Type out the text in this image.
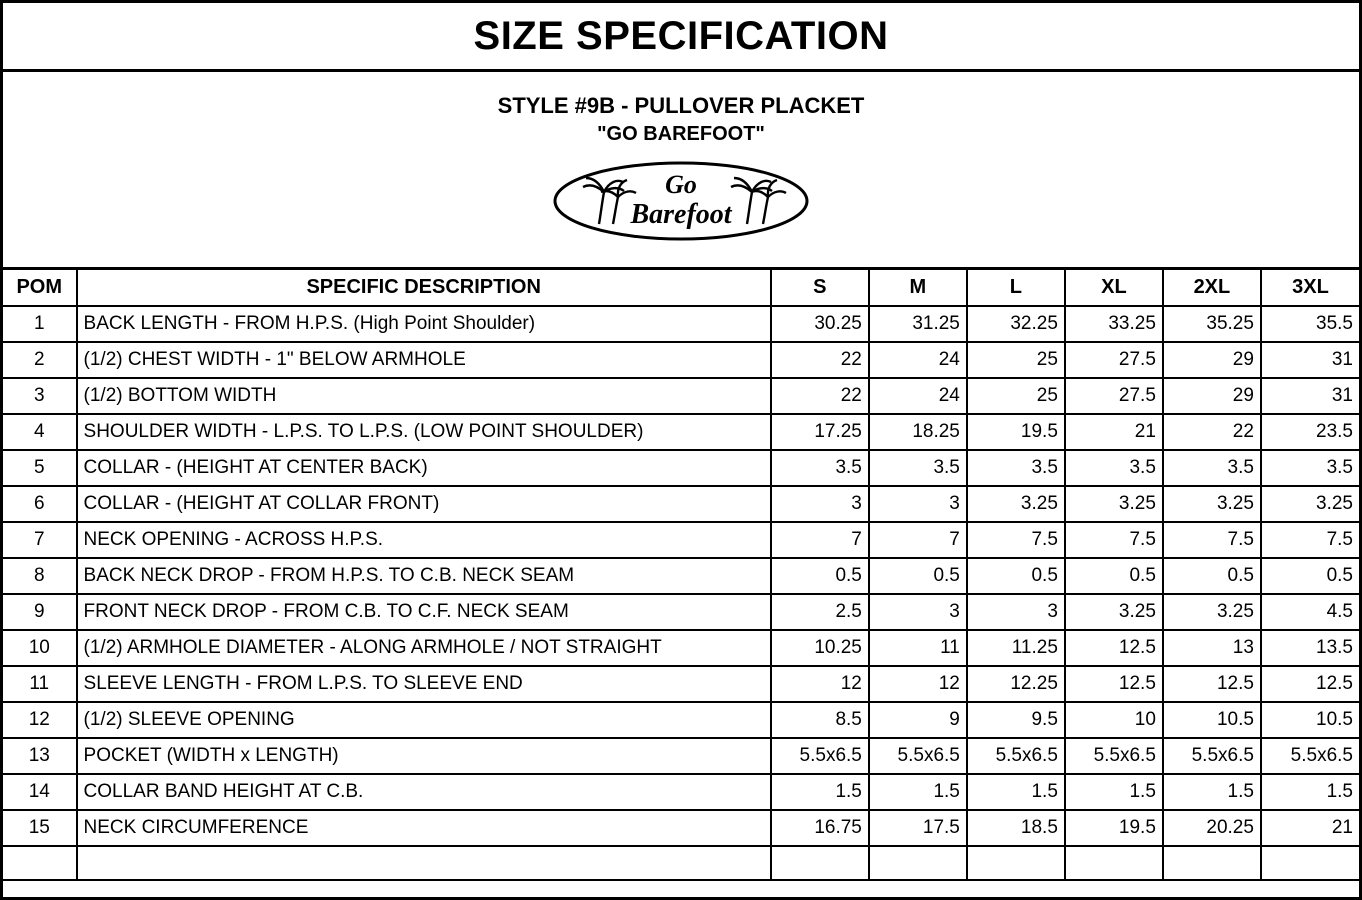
SIZE SPECIFICATION
STYLE #9B - PULLOVER PLACKET
"GO BAREFOOT"
Go
Barefoot
POM	SPECIFIC DESCRIPTION	S	M	L	XL	2XL	3XL
1	BACK LENGTH - FROM H.P.S. (High Point Shoulder)	30.25	31.25	32.25	33.25	35.25	35.5
2	(1/2) CHEST WIDTH - 1" BELOW ARMHOLE	22	24	25	27.5	29	31
3	(1/2) BOTTOM WIDTH	22	24	25	27.5	29	31
4	SHOULDER WIDTH - L.P.S. TO L.P.S. (LOW POINT SHOULDER)	17.25	18.25	19.5	21	22	23.5
5	COLLAR - (HEIGHT AT CENTER BACK)	3.5	3.5	3.5	3.5	3.5	3.5
6	COLLAR - (HEIGHT AT COLLAR FRONT)	3	3	3.25	3.25	3.25	3.25
7	NECK OPENING - ACROSS H.P.S.	7	7	7.5	7.5	7.5	7.5
8	BACK NECK DROP - FROM H.P.S. TO C.B. NECK SEAM	0.5	0.5	0.5	0.5	0.5	0.5
9	FRONT NECK DROP - FROM C.B. TO C.F. NECK SEAM	2.5	3	3	3.25	3.25	4.5
10	(1/2) ARMHOLE DIAMETER - ALONG ARMHOLE / NOT STRAIGHT	10.25	11	11.25	12.5	13	13.5
11	SLEEVE LENGTH - FROM L.P.S. TO SLEEVE END	12	12	12.25	12.5	12.5	12.5
12	(1/2) SLEEVE OPENING	8.5	9	9.5	10	10.5	10.5
13	POCKET (WIDTH x LENGTH)	5.5x6.5	5.5x6.5	5.5x6.5	5.5x6.5	5.5x6.5	5.5x6.5
14	COLLAR BAND HEIGHT AT C.B.	1.5	1.5	1.5	1.5	1.5	1.5
15	NECK CIRCUMFERENCE	16.75	17.5	18.5	19.5	20.25	21
